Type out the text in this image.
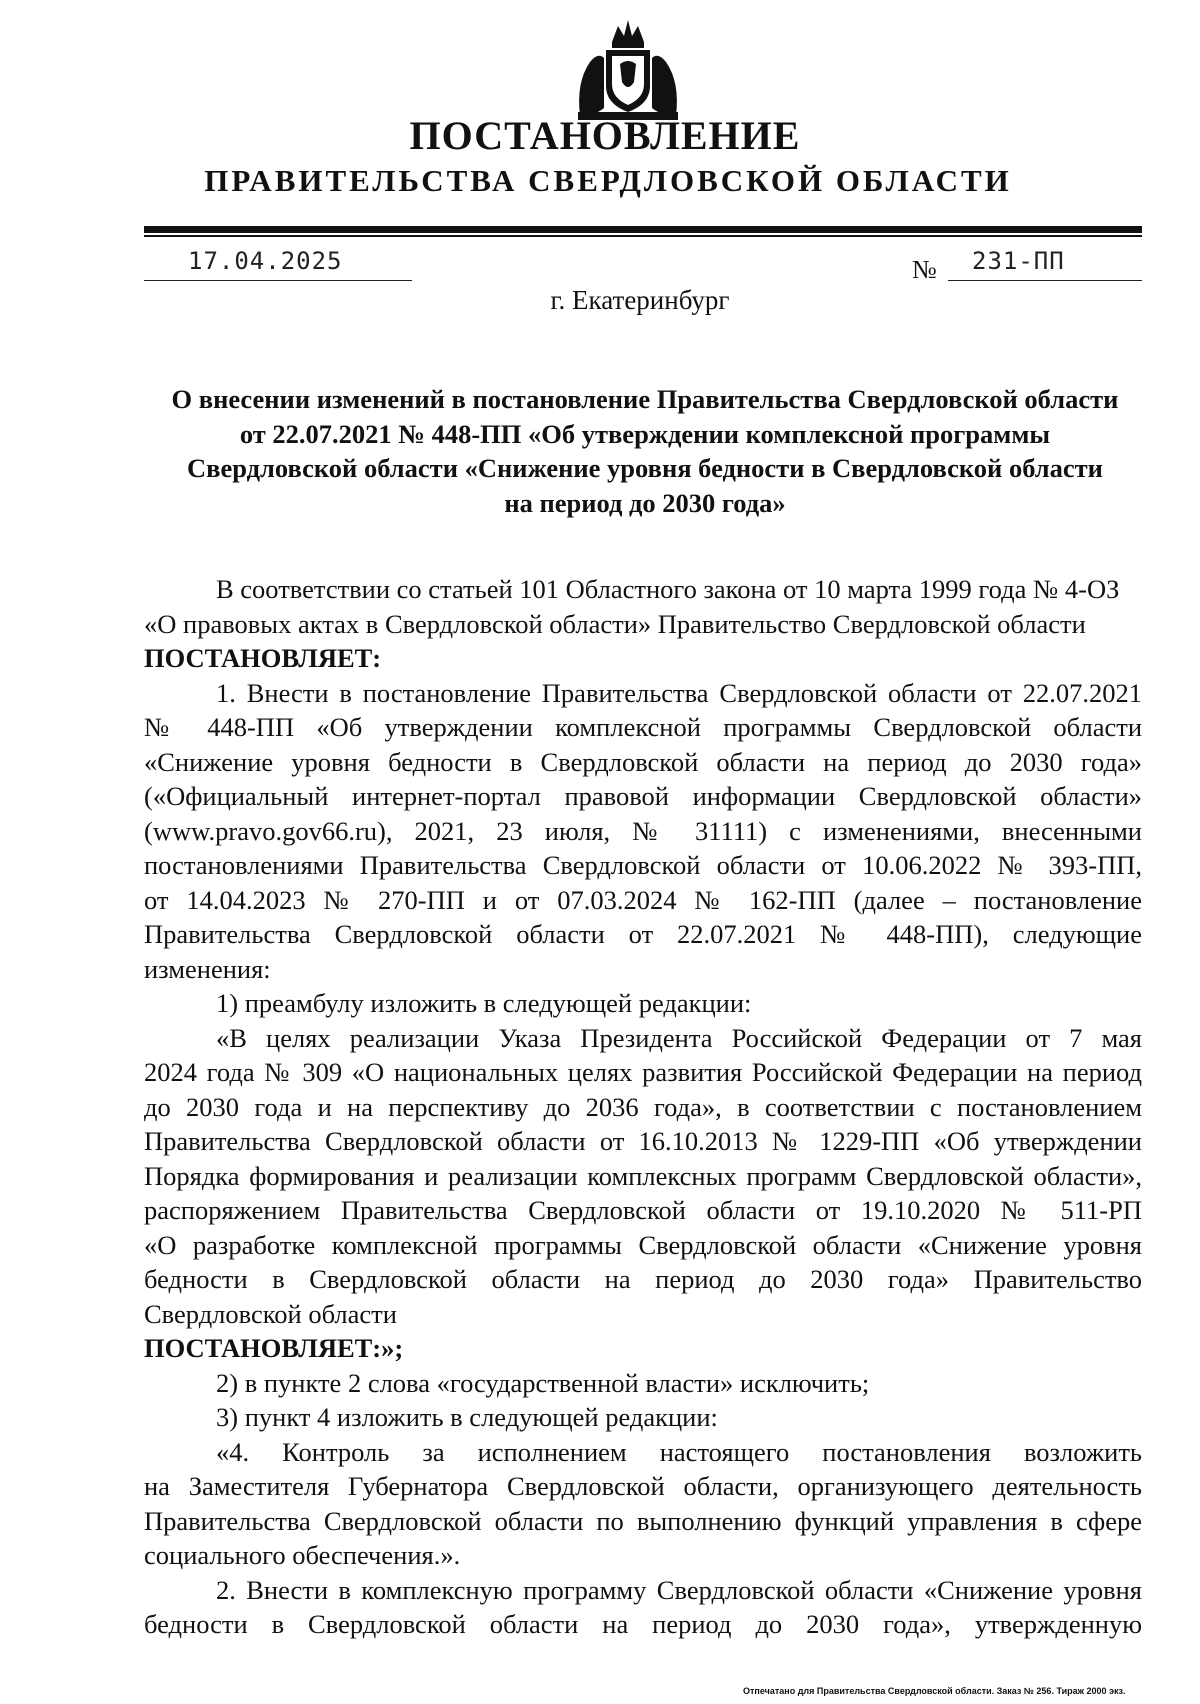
ПОСТАНОВЛЕНИЕ
ПРАВИТЕЛЬСТВА СВЕРДЛОВСКОЙ ОБЛАСТИ
17.04.2025	№ 231-ПП
г. Екатеринбург
О внесении изменений в постановление Правительства Свердловской области
от 22.07.2021 № 448-ПП «Об утверждении комплексной программы
Свердловской области «Снижение уровня бедности в Свердловской области
на период до 2030 года»
В соответствии со статьей 101 Областного закона от 10 марта 1999 года № 4-ОЗ
«О правовых актах в Свердловской области» Правительство Свердловской области
ПОСТАНОВЛЯЕТ:
1. Внести в постановление Правительства Свердловской области от 22.07.2021
№ 448-ПП «Об утверждении комплексной программы Свердловской области
«Снижение уровня бедности в Свердловской области на период до 2030 года»
(«Официальный интернет-портал правовой информации Свердловской области»
(www.pravo.gov66.ru), 2021, 23 июля, № 31111) с изменениями, внесенными
постановлениями Правительства Свердловской области от 10.06.2022 № 393-ПП,
от 14.04.2023 № 270-ПП и от 07.03.2024 № 162-ПП (далее – постановление
Правительства Свердловской области от 22.07.2021 № 448-ПП), следующие
изменения:
1) преамбулу изложить в следующей редакции:
«В целях реализации Указа Президента Российской Федерации от 7 мая
2024 года № 309 «О национальных целях развития Российской Федерации на период
до 2030 года и на перспективу до 2036 года», в соответствии с постановлением
Правительства Свердловской области от 16.10.2013 № 1229-ПП «Об утверждении
Порядка формирования и реализации комплексных программ Свердловской области»,
распоряжением Правительства Свердловской области от 19.10.2020 № 511-РП
«О разработке комплексной программы Свердловской области «Снижение уровня
бедности в Свердловской области на период до 2030 года» Правительство
Свердловской области
ПОСТАНОВЛЯЕТ:»;
2) в пункте 2 слова «государственной власти» исключить;
3) пункт 4 изложить в следующей редакции:
«4. Контроль за исполнением настоящего постановления возложить
на Заместителя Губернатора Свердловской области, организующего деятельность
Правительства Свердловской области по выполнению функций управления в сфере
социального обеспечения.».
2. Внести в комплексную программу Свердловской области «Снижение уровня
бедности в Свердловской области на период до 2030 года», утвержденную
Отпечатано для Правительства Свердловской области. Заказ № 256. Тираж 2000 экз.
